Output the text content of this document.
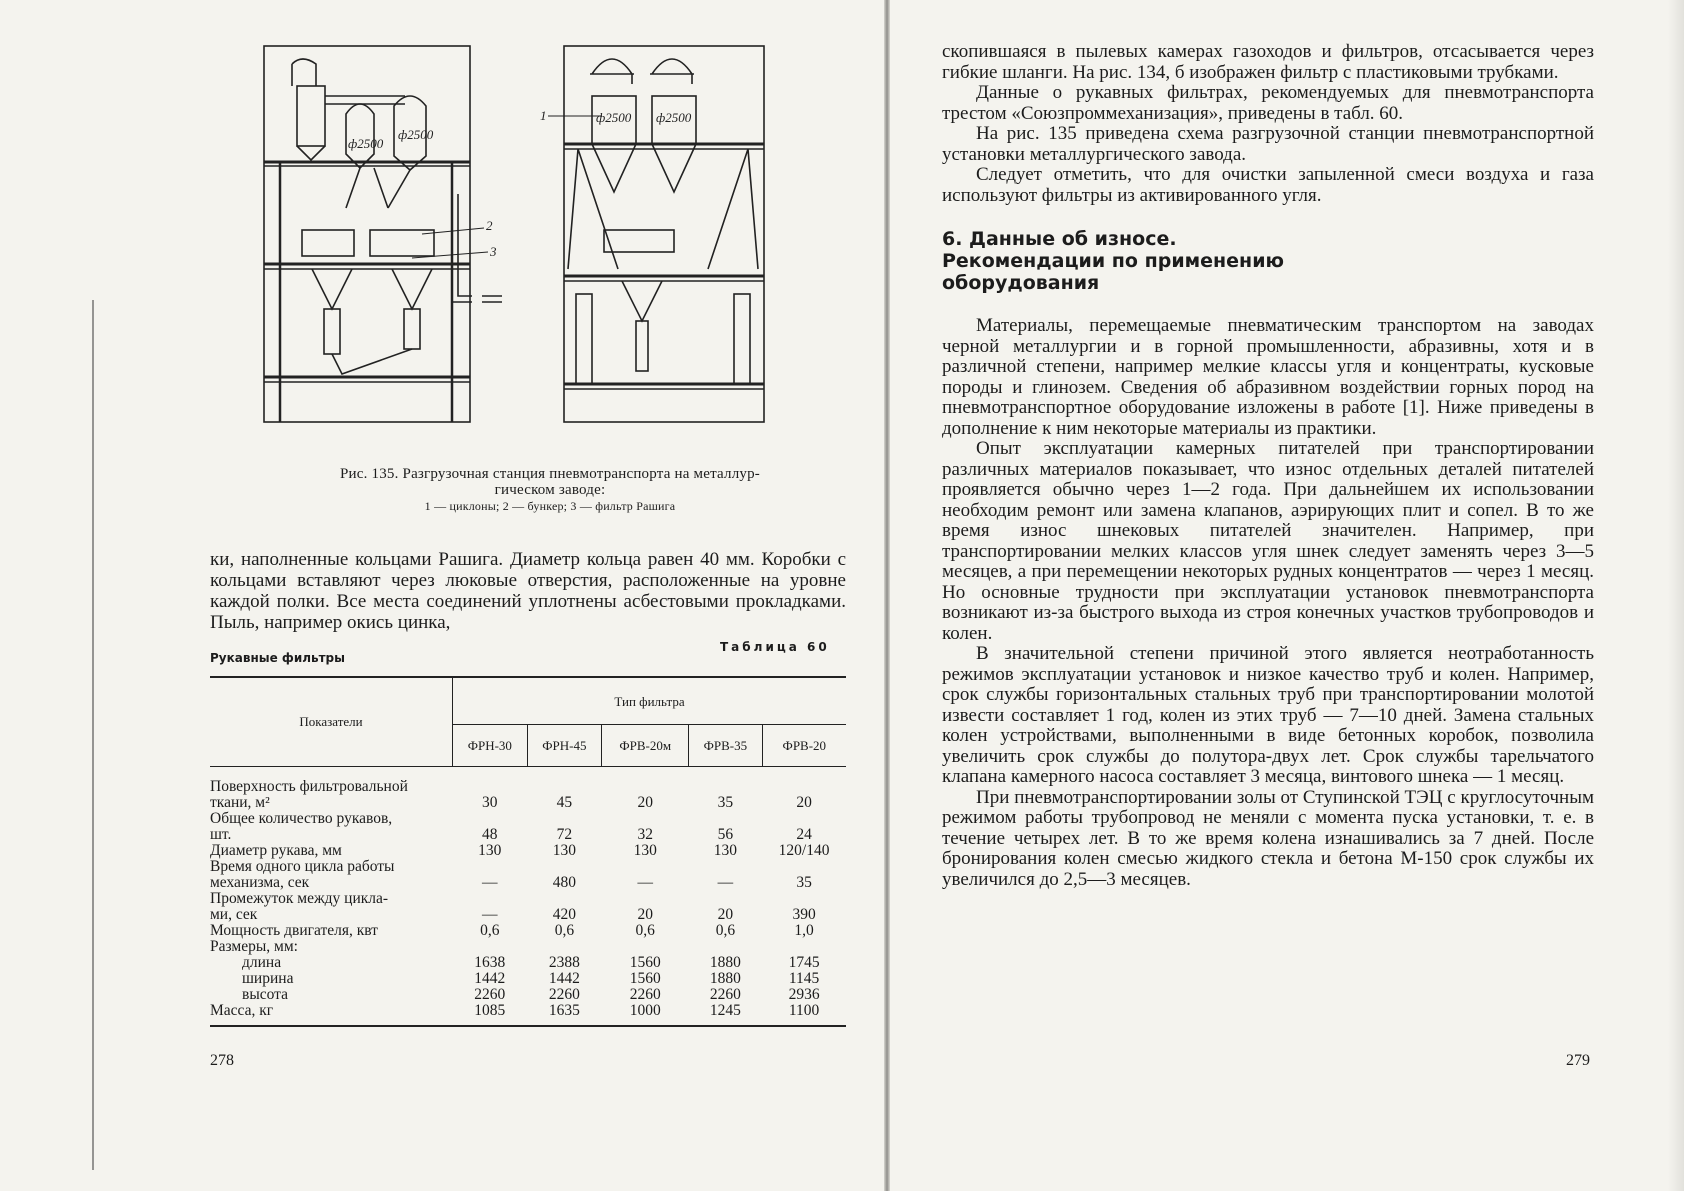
ф2500
ф2500
ф2500 ф2500
1
2
3
Рис. 135. Разгрузочная станция пневмотранспорта на металлур-
гическом заводе:
1 — циклоны; 2 — бункер; 3 — фильтр Рашига

ки, наполненные кольцами Рашига. Диаметр кольца равен 40 мм. Коробки с кольцами вставляют через люковые отверстия, расположенные на уровне каждой полки. Все места соединений уплотнены асбестовыми прокладками. Пыль, например окись цинка,

Таблица 60
Рукавные фильтры
Показатели	Тип фильтра				
	ФРН-30	ФРН-45	ФРВ-20м	ФРВ-35	ФРВ-20

Поверхность фильтровальной
ткани, м²	30	45	20	35	20

Общее количество рукавов,
шт.	48	72	32	56	24

Диаметр рукава, мм	130	130	130	130	120/140

Время одного цикла работы
механизма, сек	—	480	—	—	35

Промежуток между цикла-
ми, сек	—	420	20	20	390

Мощность двигателя, квт	0,6	0,6	0,6	0,6	1,0

Размеры, мм:					

длина	1638	2388	1560	1880	1745

ширина	1442	1442	1560	1880	1145

высота	2260	2260	2260	2260	2936

Масса, кг	1085	1635	1000	1245	1100
278

скопившаяся в пылевых камерах газоходов и фильтров, отсасывается через гибкие шланги. На рис. 134, б изображен фильтр с пластиковыми трубками.

Данные о рукавных фильтрах, рекомендуемых для пневмотранспорта трестом «Союзпроммеханизация», приведены в табл. 60.

На рис. 135 приведена схема разгрузочной станции пневмотранспортной установки металлургического завода.

Следует отметить, что для очистки запыленной смеси воздуха и газа используют фильтры из активированного угля.

6. Данные об износе.
Рекомендации по применению
оборудования

Материалы, перемещаемые пневматическим транспортом на заводах черной металлургии и в горной промышленности, абразивны, хотя и в различной степени, например мелкие классы угля и концентраты, кусковые породы и глинозем. Сведения об абразивном воздействии горных пород на пневмотранспортное оборудование изложены в работе [1]. Ниже приведены в дополнение к ним некоторые материалы из практики.

Опыт эксплуатации камерных питателей при транспортировании различных материалов показывает, что износ отдельных деталей питателей проявляется обычно через 1—2 года. При дальнейшем их использовании необходим ремонт или замена клапанов, аэрирующих плит и сопел. В то же время износ шнековых питателей значителен. Например, при транспортировании мелких классов угля шнек следует заменять через 3—5 месяцев, а при перемещении некоторых рудных концентратов — через 1 месяц. Но основные трудности при эксплуатации установок пневмотранспорта возникают из-за быстрого выхода из строя конечных участков трубопроводов и колен.

В значительной степени причиной этого является неотработанность режимов эксплуатации установок и низкое качество труб и колен. Например, срок службы горизонтальных стальных труб при транспортировании молотой извести составляет 1 год, колен из этих труб — 7—10 дней. Замена стальных колен устройствами, выполненными в виде бетонных коробок, позволила увеличить срок службы до полутора-двух лет. Срок службы тарельчатого клапана камерного насоса составляет 3 месяца, винтового шнека — 1 месяц.

При пневмотранспортировании золы от Ступинской ТЭЦ с круглосуточным режимом работы трубопровод не меняли с момента пуска установки, т. е. в течение четырех лет. В то же время колена изнашивались за 7 дней. После бронирования колен смесью жидкого стекла и бетона М-150 срок службы их увеличился до 2,5—3 месяцев.

279
